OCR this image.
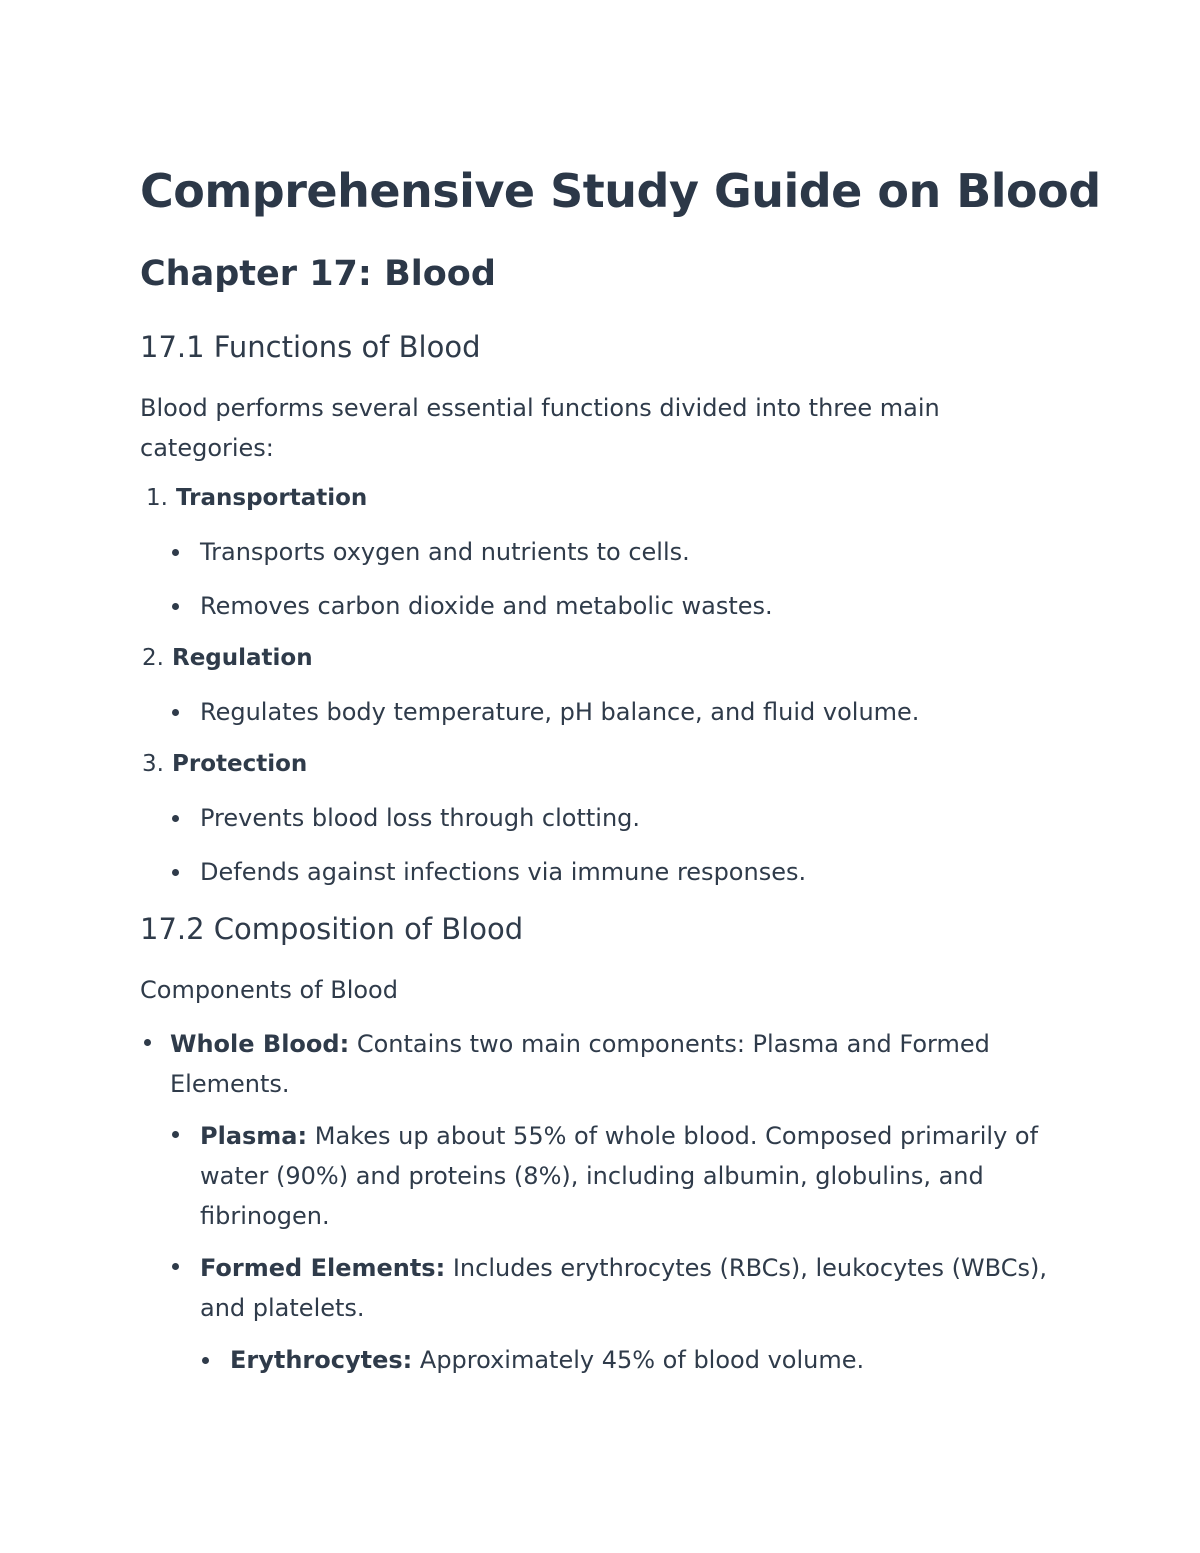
Comprehensive Study Guide on Blood
Chapter 17: Blood
17.1 Functions of Blood
Blood performs several essential functions divided into three main categories:
1. Transportation
Transports oxygen and nutrients to cells.
Removes carbon dioxide and metabolic wastes.
2. Regulation
Regulates body temperature, pH balance, and fluid volume.
3. Protection
Prevents blood loss through clotting.
Defends against infections via immune responses.
17.2 Composition of Blood
Components of Blood
Whole Blood: Contains two main components: Plasma and Formed Elements.
Plasma: Makes up about 55% of whole blood. Composed primarily of water (90%) and proteins (8%), including albumin, globulins, and fibrinogen.
Formed Elements: Includes erythrocytes (RBCs), leukocytes (WBCs), and platelets.
Erythrocytes: Approximately 45% of blood volume.
